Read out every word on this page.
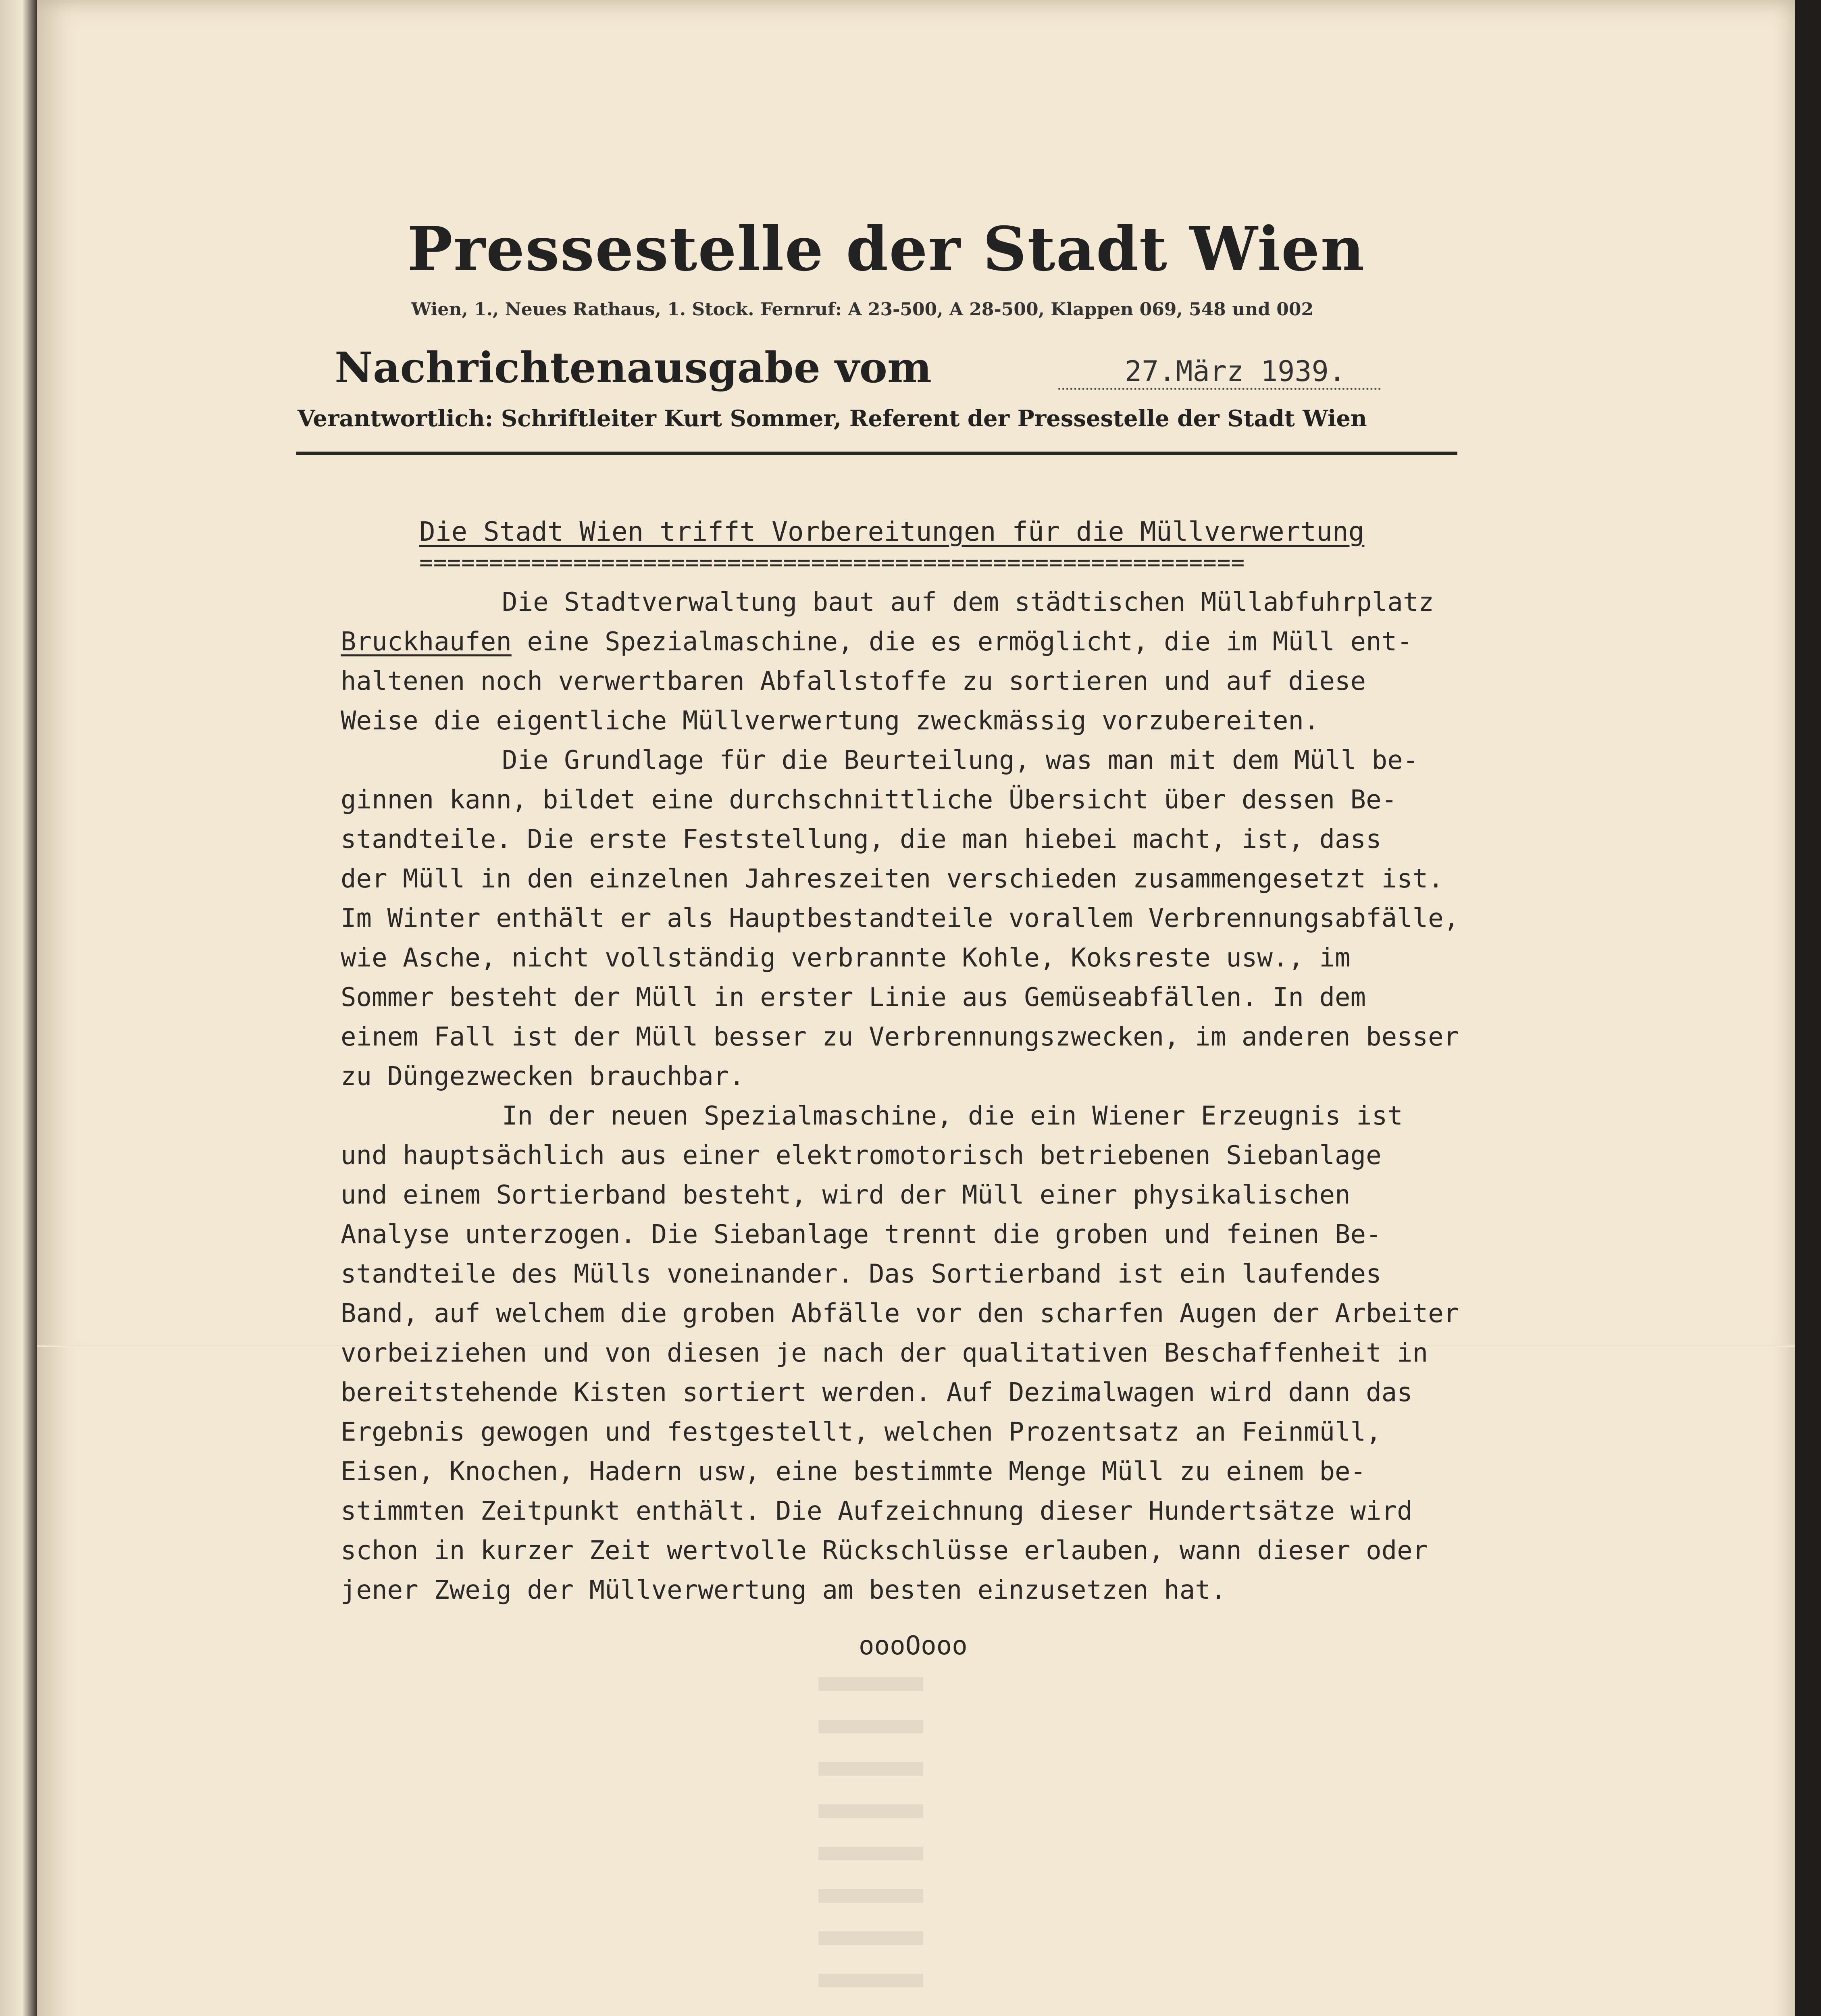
Pressestelle der Stadt Wien
Wien, 1., Neues Rathaus, 1. Stock. Fernruf: A 23-500, A 28-500, Klappen 069, 548 und 002
Nachrichtenausgabe vom	27.März 1939.
Verantwortlich: Schriftleiter Kurt Sommer, Referent der Pressestelle der Stadt Wien
Die Stadt Wien trifft Vorbereitungen für die Müllverwertung
===========================================================
Die Stadtverwaltung baut auf dem städtischen Müllabfuhrplatz
Bruckhaufen eine Spezialmaschine, die es ermöglicht, die im Müll ent-
haltenen noch verwertbaren Abfallstoffe zu sortieren und auf diese
Weise die eigentliche Müllverwertung zweckmässig vorzubereiten.
Die Grundlage für die Beurteilung, was man mit dem Müll be-
ginnen kann, bildet eine durchschnittliche Übersicht über dessen Be-
standteile. Die erste Feststellung, die man hiebei macht, ist, dass
der Müll in den einzelnen Jahreszeiten verschieden zusammengesetzt ist.
Im Winter enthält er als Hauptbestandteile vorallem Verbrennungsabfälle,
wie Asche, nicht vollständig verbrannte Kohle, Koksreste usw., im
Sommer besteht der Müll in erster Linie aus Gemüseabfällen. In dem
einem Fall ist der Müll besser zu Verbrennungszwecken, im anderen besser
zu Düngezwecken brauchbar.
In der neuen Spezialmaschine, die ein Wiener Erzeugnis ist
und hauptsächlich aus einer elektromotorisch betriebenen Siebanlage
und einem Sortierband besteht, wird der Müll einer physikalischen
Analyse unterzogen. Die Siebanlage trennt die groben und feinen Be-
standteile des Mülls voneinander. Das Sortierband ist ein laufendes
Band, auf welchem die groben Abfälle vor den scharfen Augen der Arbeiter
vorbeiziehen und von diesen je nach der qualitativen Beschaffenheit in
bereitstehende Kisten sortiert werden. Auf Dezimalwagen wird dann das
Ergebnis gewogen und festgestellt, welchen Prozentsatz an Feinmüll,
Eisen, Knochen, Hadern usw, eine bestimmte Menge Müll zu einem be-
stimmten Zeitpunkt enthält. Die Aufzeichnung dieser Hundertsätze wird
schon in kurzer Zeit wertvolle Rückschlüsse erlauben, wann dieser oder
jener Zweig der Müllverwertung am besten einzusetzen hat.
oooOooo
